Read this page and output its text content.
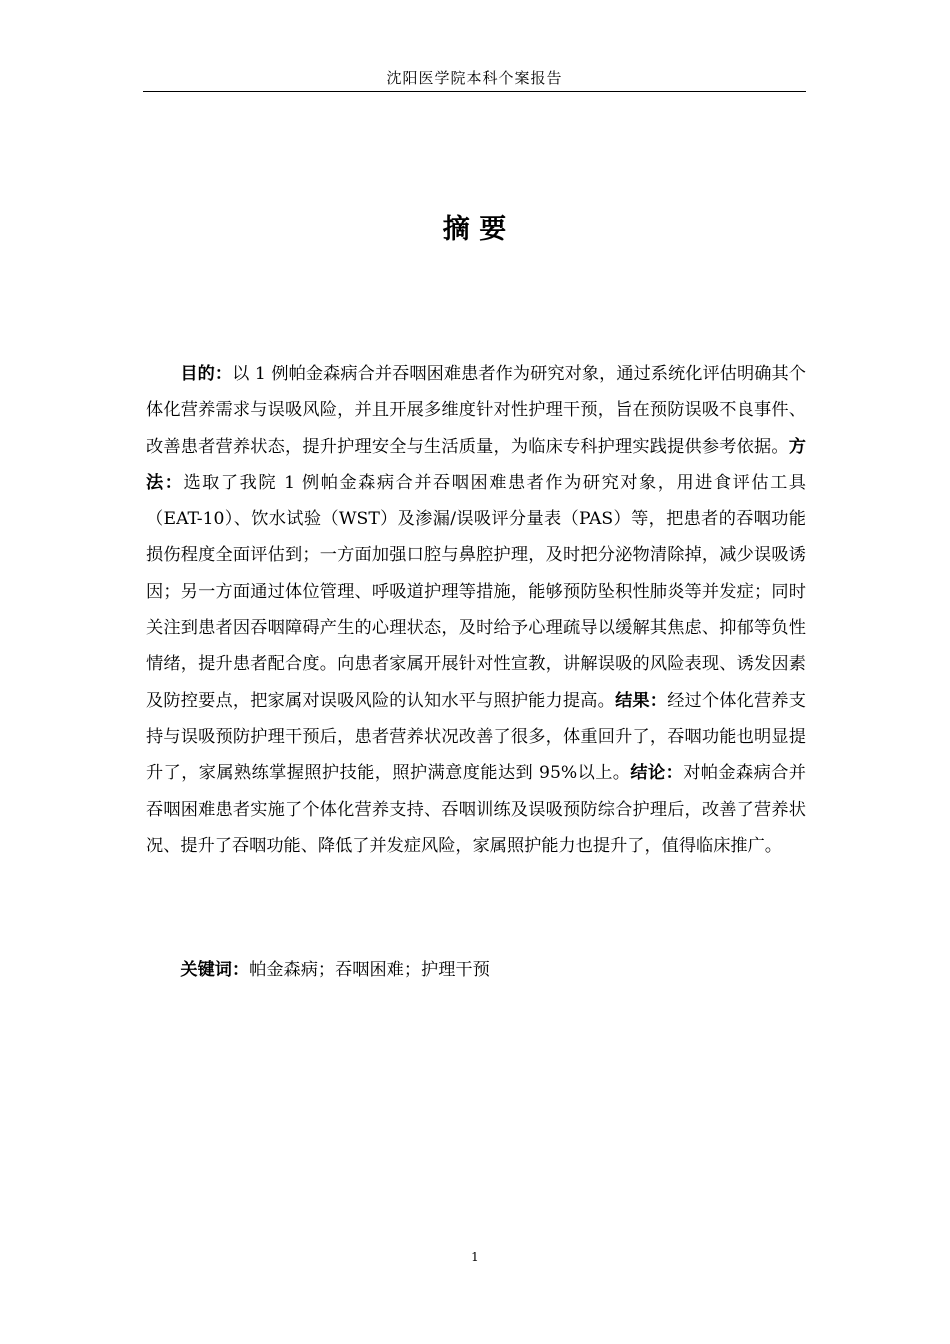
沈阳医学院本科个案报告
摘 要

目的：以 1 例帕金森病合并吞咽困难患者作为研究对象，通过系统化评估明确其个体化营养需求与误吸风险，并且开展多维度针对性护理干预，旨在预防误吸不良事件、改善患者营养状态，提升护理安全与生活质量，为临床专科护理实践提供参考依据。方法：选取了我院 1 例帕金森病合并吞咽困难患者作为研究对象，用进食评估工具（EAT-10）、饮水试验（WST）及渗漏/误吸评分量表（PAS）等，把患者的吞咽功能损伤程度全面评估到；一方面加强口腔与鼻腔护理，及时把分泌物清除掉，减少误吸诱因；另一方面通过体位管理、呼吸道护理等措施，能够预防坠积性肺炎等并发症；同时关注到患者因吞咽障碍产生的心理状态，及时给予心理疏导以缓解其焦虑、抑郁等负性情绪，提升患者配合度。向患者家属开展针对性宣教，讲解误吸的风险表现、诱发因素及防控要点，把家属对误吸风险的认知水平与照护能力提高。结果：经过个体化营养支持与误吸预防护理干预后，患者营养状况改善了很多，体重回升了，吞咽功能也明显提升了，家属熟练掌握照护技能，照护满意度能达到 95%以上。结论：对帕金森病合并吞咽困难患者实施了个体化营养支持、吞咽训练及误吸预防综合护理后，改善了营养状况、提升了吞咽功能、降低了并发症风险，家属照护能力也提升了，值得临床推广。

关键词：帕金森病；吞咽困难；护理干预

1
